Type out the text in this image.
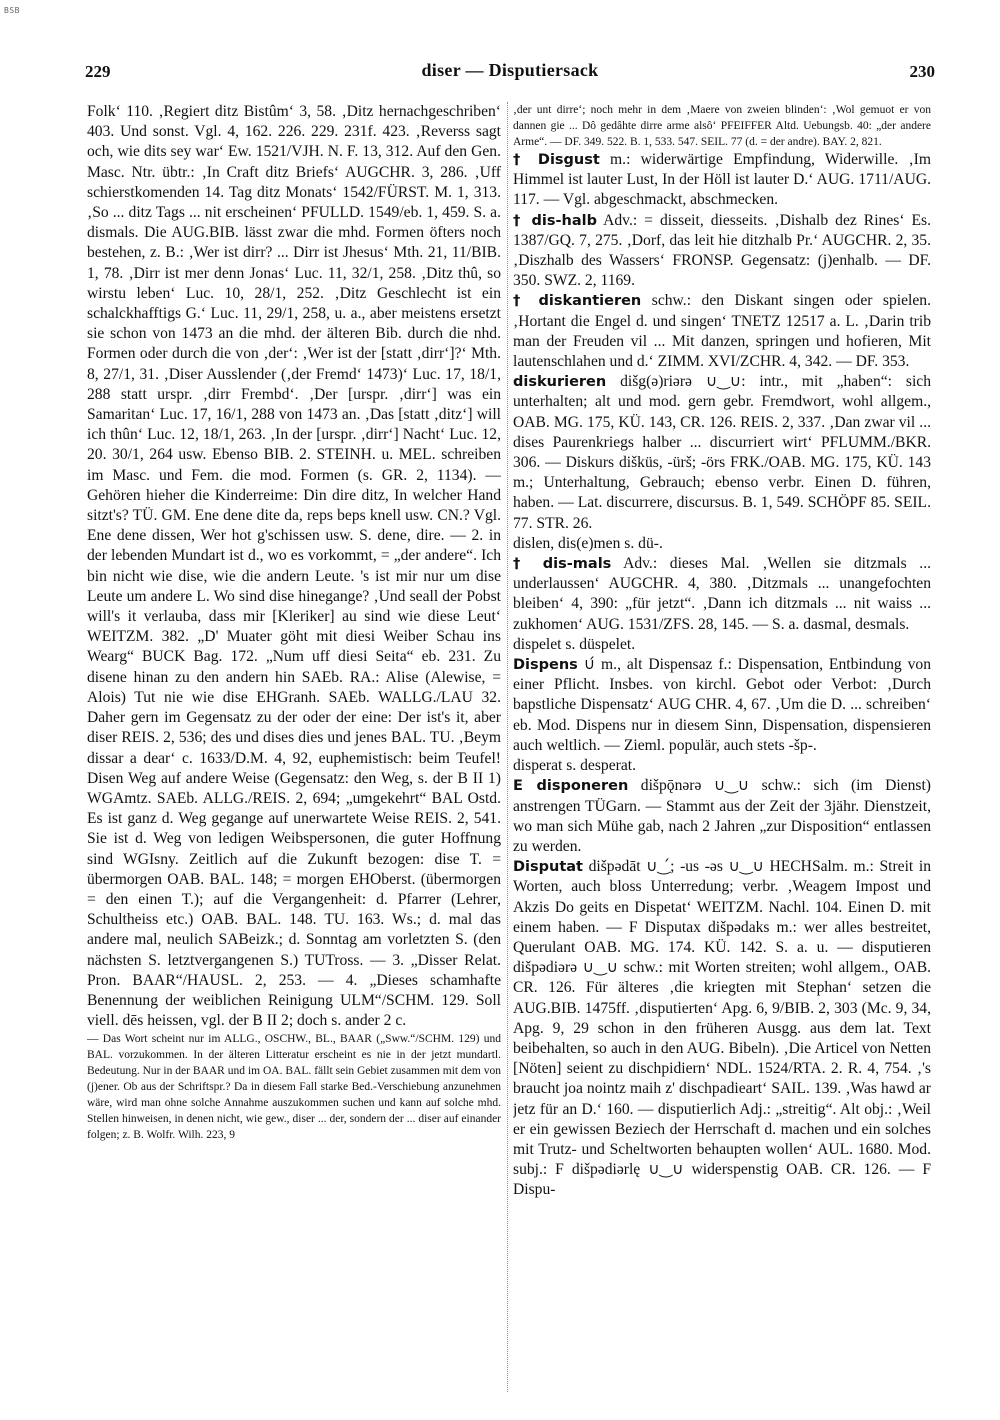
BSB
229	diser — Disputiersack	230

Folk‘ 110. ‚Regiert ditz Bistûm‘ 3, 58. ‚Ditz hernachgeschriben‘ 403. Und sonst. Vgl. 4, 162. 226. 229. 231f. 423. ‚Reverss sagt och, wie dits sey war‘ Ew. 1521/VJH. N. F. 13, 312. Auf den Gen. Masc. Ntr. übtr.: ‚In Craft ditz Briefs‘ AUGCHR. 3, 286. ‚Uff schierstkomenden 14. Tag ditz Monats‘ 1542/FÜRST. M. 1, 313. ‚So ... ditz Tags ... nit erscheinen‘ PFULLD. 1549/eb. 1, 459. S. a. dismals. Die AUG.BIB. lässt zwar die mhd. Formen öfters noch bestehen, z. B.: ‚Wer ist dirr? ... Dirr ist Jhesus‘ Mth. 21, 11/BIB. 1, 78. ‚Dirr ist mer denn Jonas‘ Luc. 11, 32/1, 258. ‚Ditz thû, so wirstu leben‘ Luc. 10, 28/1, 252. ‚Ditz Geschlecht ist ein schalckhafftigs G.‘ Luc. 11, 29/1, 258, u. a., aber meistens ersetzt sie schon von 1473 an die mhd. der älteren Bib. durch die nhd. Formen oder durch die von ‚der‘: ‚Wer ist der [statt ‚dirr‘]?‘ Mth. 8, 27/1, 31. ‚Diser Ausslender (‚der Fremd‘ 1473)‘ Luc. 17, 18/1, 288 statt urspr. ‚dirr Frembd‘. ‚Der [urspr. ‚dirr‘] was ein Samaritan‘ Luc. 17, 16/1, 288 von 1473 an. ‚Das [statt ‚ditz‘] will ich thûn‘ Luc. 12, 18/1, 263. ‚In der [urspr. ‚dirr‘] Nacht‘ Luc. 12, 20. 30/1, 264 usw. Ebenso BIB. 2. STEINH. u. MEL. schreiben im Masc. und Fem. die mod. Formen (s. GR. 2, 1134). — Gehören hieher die Kinderreime: Din dire ditz, In welcher Hand sitzt's? TÜ. GM. Ene dene dite da, reps beps knell usw. CN.? Vgl. Ene dene dissen, Wer hot g'schissen usw. S. dene, dire. — 2. in der lebenden Mundart ist d., wo es vorkommt, = „der andere“. Ich bin nicht wie dise, wie die andern Leute. 's ist mir nur um dise Leute um andere L. Wo sind dise hinegange? ‚Und seall der Pobst will's it verlauba, dass mir [Kleriker] au sind wie diese Leut‘ WEITZM. 382. „D' Muater göht mit diesi Weiber Schau ins Wearg“ BUCK Bag. 172. „Num uff diesi Seita“ eb. 231. Zu disene hinan zu den andern hin SAEb. RA.: Alise (Alewise, = Alois) Tut nie wie dise EHGranh. SAEb. WALLG./LAU 32. Daher gern im Gegensatz zu der oder der eine: Der ist's it, aber diser REIS. 2, 536; des und dises dies und jenes BAL. TU. ‚Beym dissar a dear‘ c. 1633/D.M. 4, 92, euphemistisch: beim Teufel! Disen Weg auf andere Weise (Gegensatz: den Weg, s. der B II 1) WGAmtz. SAEb. ALLG./REIS. 2, 694; „umgekehrt“ BAL Ostd. Es ist ganz d. Weg gegange auf unerwartete Weise REIS. 2, 541. Sie ist d. Weg von ledigen Weibspersonen, die guter Hoffnung sind WGIsny. Zeitlich auf die Zukunft bezogen: dise T. = übermorgen OAB. BAL. 148; = morgen EHOberst. (übermorgen = den einen T.); auf die Vergangenheit: d. Pfarrer (Lehrer, Schultheiss etc.) OAB. BAL. 148. TU. 163. Ws.; d. mal das andere mal, neulich SABeizk.; d. Sonntag am vorletzten S. (den nächsten S. letztvergangenen S.) TUTross. — 3. „Disser Relat. Pron. BAAR“/HAUSL. 2, 253. — 4. „Dieses schamhafte Benennung der weiblichen Reinigung ULM“/SCHM. 129. Soll viell. dēs heissen, vgl. der B II 2; doch s. ander 2 c.

— Das Wort scheint nur im ALLG., OSCHW., BL., BAAR („Sww.“/SCHM. 129) und BAL. vorzukommen. In der älteren Litteratur erscheint es nie in der jetzt mundartl. Bedeutung. Nur in der BAAR und im OA. BAL. fällt sein Gebiet zusammen mit dem von (j)ener. Ob aus der Schriftspr.? Da in diesem Fall starke Bed.-Verschiebung anzunehmen wäre, wird man ohne solche Annahme auszukommen suchen und kann auf solche mhd. Stellen hinweisen, in denen nicht, wie gew., diser ... der, sondern der ... diser auf einander folgen; z. B. Wolfr. Wilh. 223, 9

‚der unt dirre‘; noch mehr in dem ‚Maere von zweien blinden‘: ‚Wol gemuot er von dannen gie ... Dô gedâhte dirre arme alsô‘ PFEIFFER Altd. Uebungsb. 40: „der andere Arme“. — DF. 349. 522. B. 1, 533. 547. SEIL. 77 (d. = der andre). BAY. 2, 821.

† Disgust m.: widerwärtige Empfindung, Widerwille. ‚Im Himmel ist lauter Lust, In der Höll ist lauter D.‘ AUG. 1711/AUG. 117. — Vgl. abgeschmackt, abschmecken.

† dis-halb Adv.: = disseit, diesseits. ‚Dishalb dez Rines‘ Es. 1387/GQ. 7, 275. ‚Dorf, das leit hie ditzhalb Pr.‘ AUGCHR. 2, 35. ‚Diszhalb des Wassers‘ FRONSP. Gegensatz: (j)enhalb. — DF. 350. SWZ. 2, 1169.

† diskantieren schw.: den Diskant singen oder spielen. ‚Hortant die Engel d. und singen‘ TNETZ 12517 a. L. ‚Darin trib man der Freuden vil ... Mit danzen, springen und hofieren, Mit lautenschlahen und d.‘ ZIMM. XVI/ZCHR. 4, 342. — DF. 353.

diskurieren dišg(ə)riərə ∪‿∪: intr., mit „haben“: sich unterhalten; alt und mod. gern gebr. Fremdwort, wohl allgem., OAB. MG. 175, KÜ. 143, CR. 126. REIS. 2, 337. ‚Dan zwar vil ... dises Paurenkriegs halber ... discurriert wirt‘ PFLUMM./BKR. 306. — Diskurs dišküs, -ürš; -örs FRK./OAB. MG. 175, KÜ. 143 m.; Unterhaltung, Gebrauch; ebenso verbr. Einen D. führen, haben. — Lat. discurrere, discursus. B. 1, 549. SCHÖPF 85. SEIL. 77. STR. 26.

dislen, dis(e)men s. dü-.

† dis-mals Adv.: dieses Mal. ‚Wellen sie ditzmals ... underlaussen‘ AUGCHR. 4, 380. ‚Ditzmals ... unangefochten bleiben‘ 4, 390: „für jetzt“. ‚Dann ich ditzmals ... nit waiss ... zukhomen‘ AUG. 1531/ZFS. 28, 145. — S. a. dasmal, desmals.

dispelet s. düspelet.

Dispens ∪́ m., alt Dispensaz f.: Dispensation, Entbindung von einer Pflicht. Insbes. von kirchl. Gebot oder Verbot: ‚Durch bapstliche Dispensatz‘ AUG CHR. 4, 67. ‚Um die D. ... schreiben‘ eb. Mod. Dispens nur in diesem Sinn, Dispensation, dispensieren auch weltlich. — Zieml. populär, auch stets -šp-.

disperat s. desperat.

E disponeren dišpǭnərə ∪‿∪ schw.: sich (im Dienst) anstrengen TÜGarn. — Stammt aus der Zeit der 3jähr. Dienstzeit, wo man sich Mühe gab, nach 2 Jahren „zur Disposition“ entlassen zu werden.

Disputat dišpədāt ∪‿́; -us -əs ∪‿∪ HECHSalm. m.: Streit in Worten, auch bloss Unterredung; verbr. ‚Weagem Impost und Akzis Do geits en Dispetat‘ WEITZM. Nachl. 104. Einen D. mit einem haben. — F Disputax dišpədaks m.: wer alles bestreitet, Querulant OAB. MG. 174. KÜ. 142. S. a. u. — disputieren dišpədiərə ∪‿∪ schw.: mit Worten streiten; wohl allgem., OAB. CR. 126. Für älteres ‚die kriegten mit Stephan‘ setzen die AUG.BIB. 1475ff. ‚disputierten‘ Apg. 6, 9/BIB. 2, 303 (Mc. 9, 34, Apg. 9, 29 schon in den früheren Ausgg. aus dem lat. Text beibehalten, so auch in den AUG. Bibeln). ‚Die Articel von Netten [Nöten] seient zu dischpidiern‘ NDL. 1524/RTA. 2. R. 4, 754. ‚'s braucht joa nointz maih z' dischpadieart‘ SAIL. 139. ‚Was hawd ar jetz für an D.‘ 160. — disputierlich Adj.: „streitig“. Alt obj.: ‚Weil er ein gewissen Beziech der Herrschaft d. machen und ein solches mit Trutz- und Scheltworten behaupten wollen‘ AUL. 1680. Mod. subj.: F dišpədiərlę ∪‿∪ widerspenstig OAB. CR. 126. — F Dispu-
